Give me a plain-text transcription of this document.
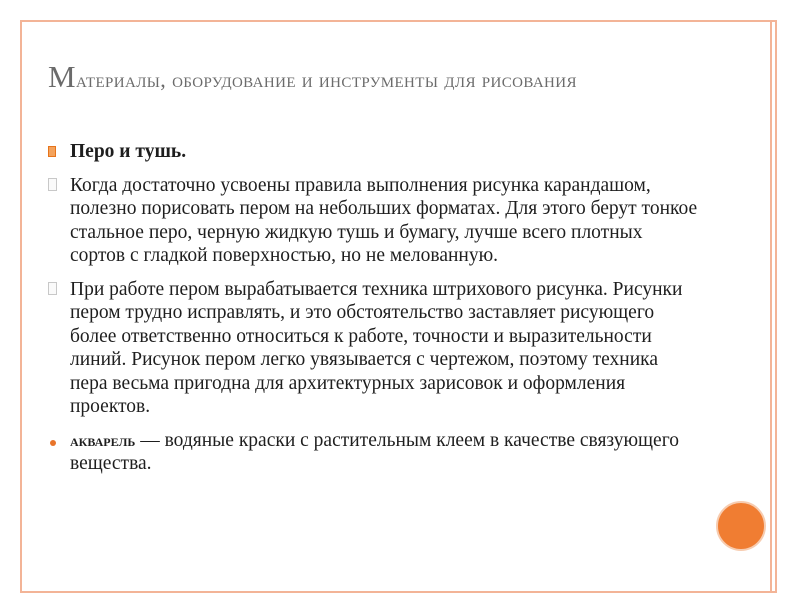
Материалы, оборудование и инструменты для рисования
Перо и тушь.
Когда достаточно усвоены правила выполнения рисунка карандашом, полезно порисовать пером на небольших форматах. Для этого берут тонкое стальное перо, черную жидкую тушь и бумагу, лучше всего плотных сортов с гладкой поверхностью, но не мелованную.
При работе пером вырабатывается техника штрихового рисунка. Рисунки пером трудно исправлять, и это обстоятельство заставляет рисующего более ответственно относиться к работе, точности и выразительности линий. Рисунок пером легко увязывается с чертежом, поэтому техника пера весьма пригодна для архитектурных зарисовок и оформления проектов.
акварель — водяные краски с растительным клеем в качестве связующего вещества.
